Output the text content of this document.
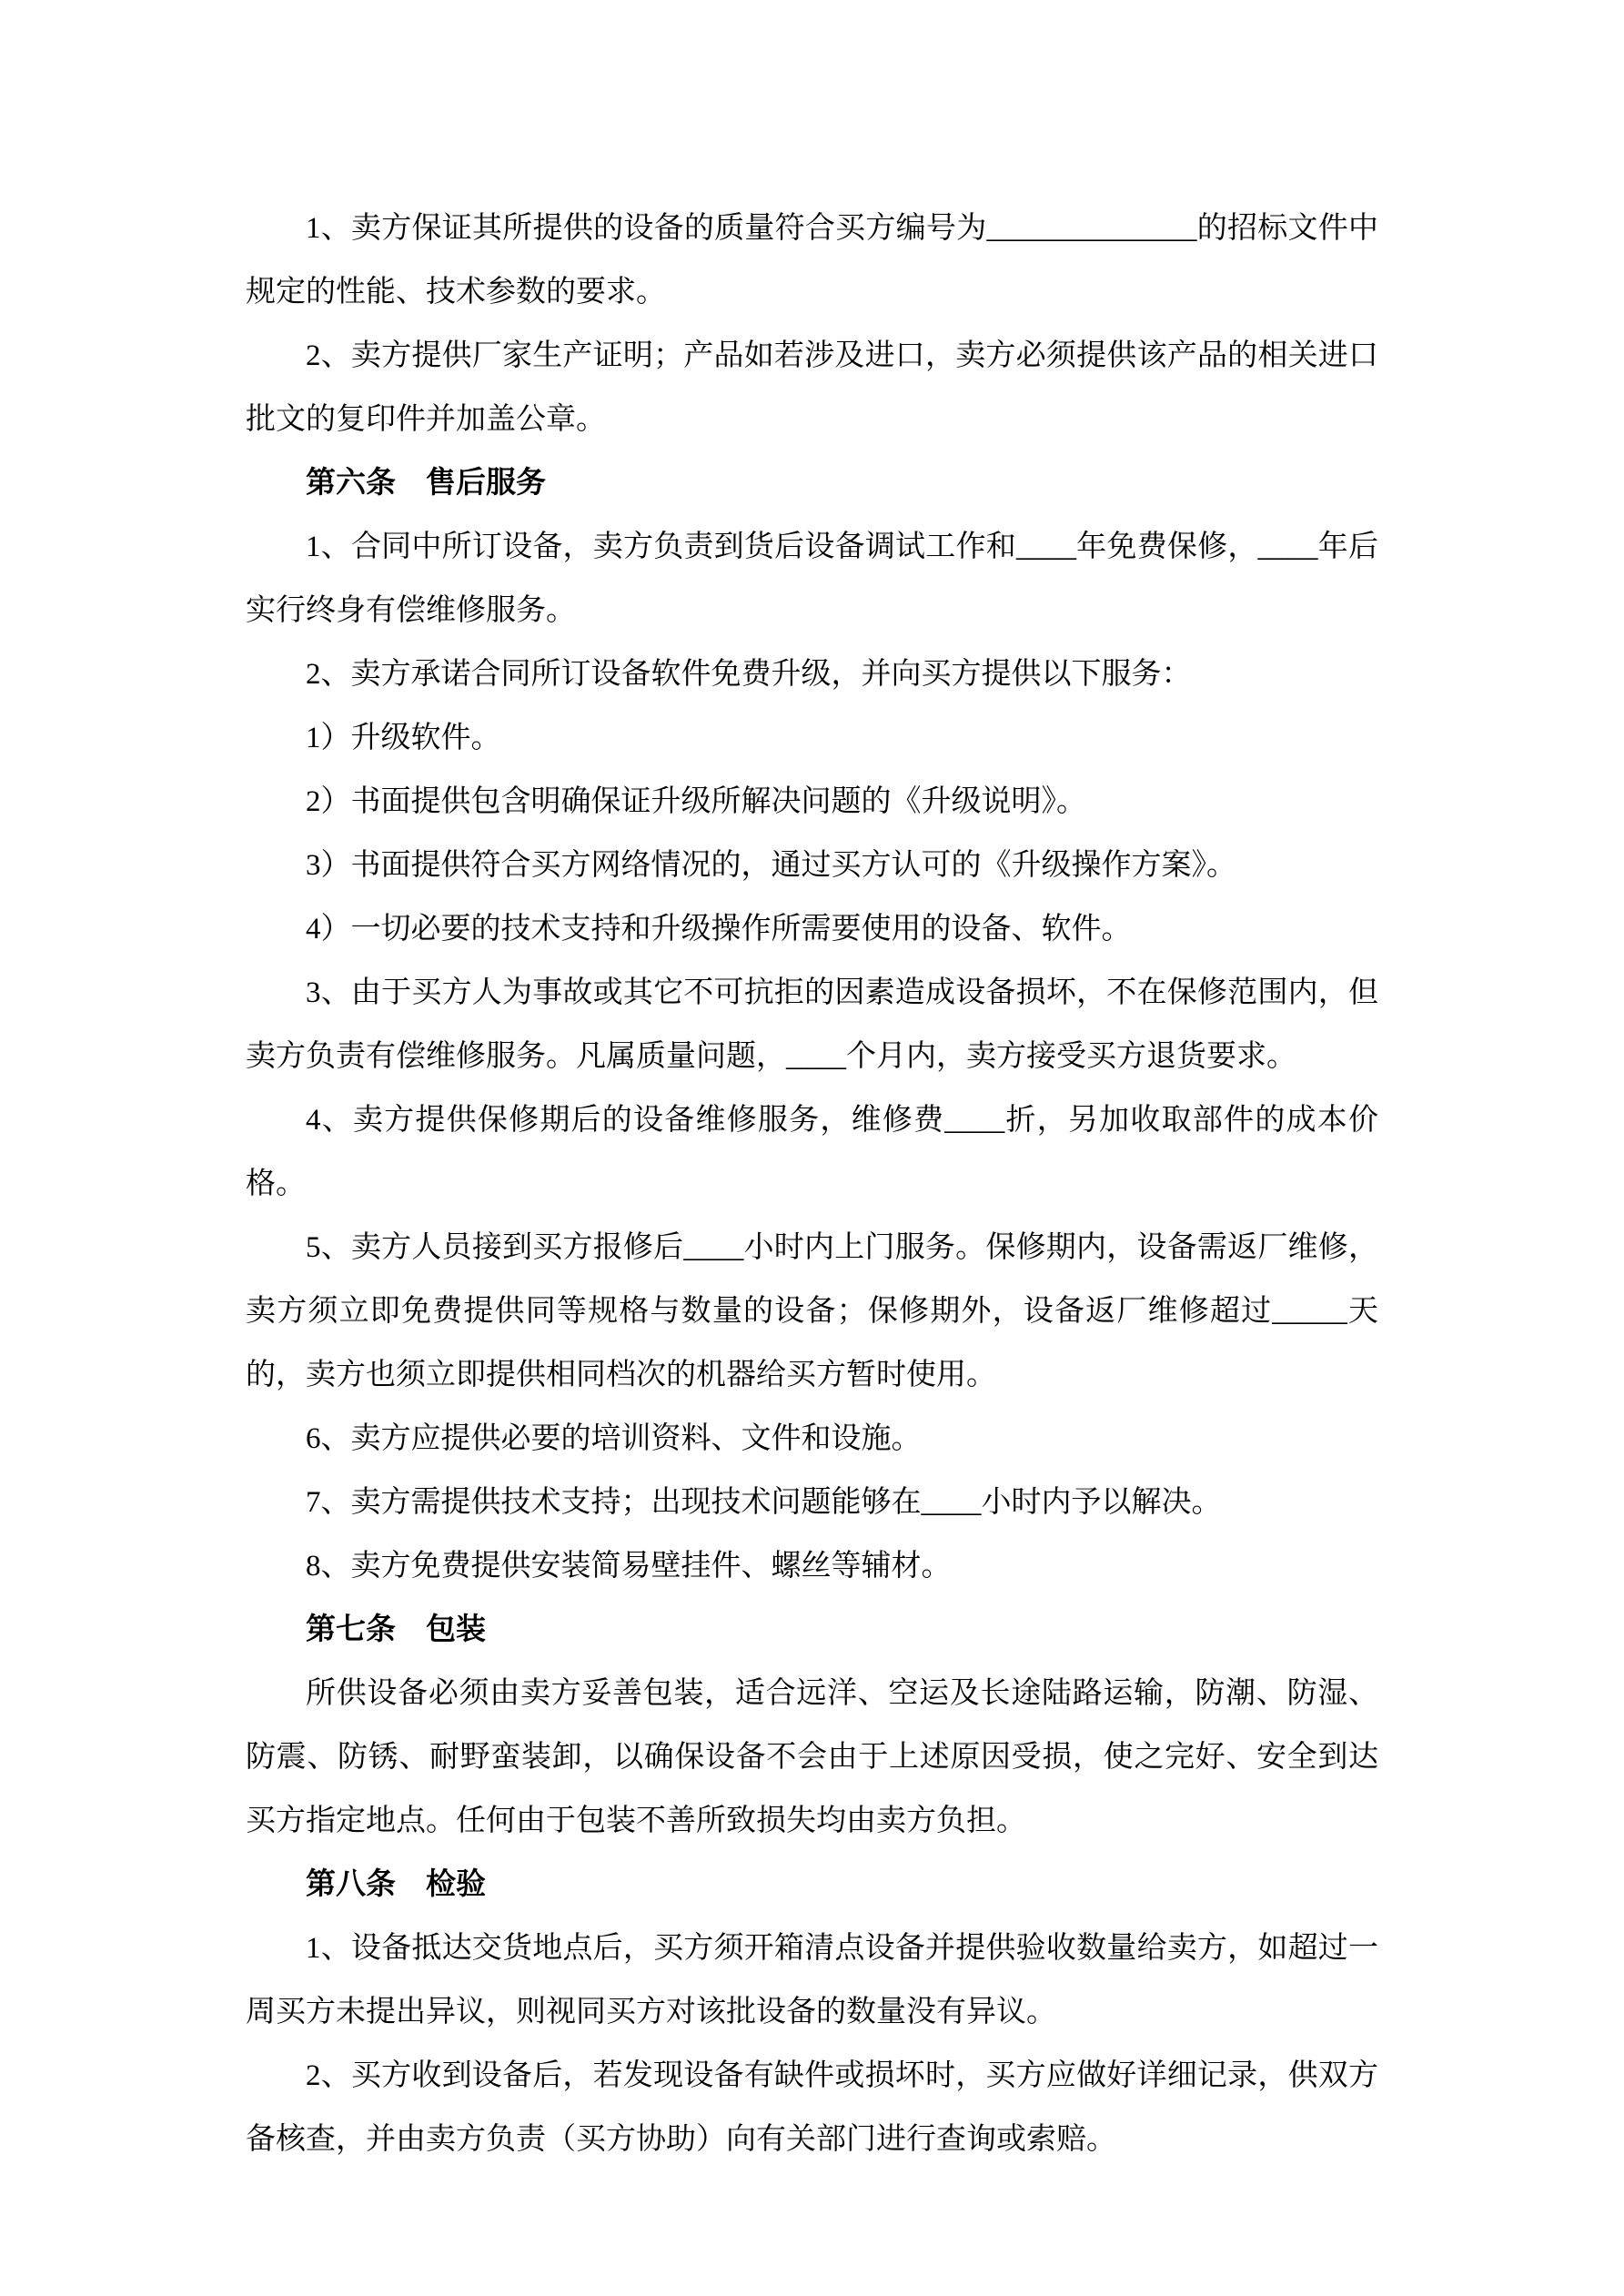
1、卖方保证其所提供的设备的质量符合买方编号为______________的招标文件中规定的性能、技术参数的要求。

2、卖方提供厂家生产证明；产品如若涉及进口，卖方必须提供该产品的相关进口批文的复印件并加盖公章。

第六条　 售后服务

1、合同中所订设备，卖方负责到货后设备调试工作和____年免费保修，____年后实行终身有偿维修服务。

2、卖方承诺合同所订设备软件免费升级，并向买方提供以下服务：

1）升级软件。

2）书面提供包含明确保证升级所解决问题的《升级说明》。

3）书面提供符合买方网络情况的，通过买方认可的《升级操作方案》。

4）一切必要的技术支持和升级操作所需要使用的设备、软件。

3、由于买方人为事故或其它不可抗拒的因素造成设备损坏，不在保修范围内，但卖方负责有偿维修服务。凡属质量问题，____个月内，卖方接受买方退货要求。

4、卖方提供保修期后的设备维修服务，维修费____折，另加收取部件的成本价格。

5、卖方人员接到买方报修后____小时内上门服务。保修期内，设备需返厂维修，卖方须立即免费提供同等规格与数量的设备；保修期外，设备返厂维修超过_____天的，卖方也须立即提供相同档次的机器给买方暂时使用。

6、卖方应提供必要的培训资料、文件和设施。

7、卖方需提供技术支持；出现技术问题能够在____小时内予以解决。

8、卖方免费提供安装简易壁挂件、螺丝等辅材。

第七条　 包装

所供设备必须由卖方妥善包装，适合远洋、空运及长途陆路运输，防潮、防湿、防震、防锈、耐野蛮装卸，以确保设备不会由于上述原因受损，使之完好、安全到达买方指定地点。任何由于包装不善所致损失均由卖方负担。

第八条　 检验

1、设备抵达交货地点后，买方须开箱清点设备并提供验收数量给卖方，如超过一周买方未提出异议，则视同买方对该批设备的数量没有异议。

2、买方收到设备后，若发现设备有缺件或损坏时，买方应做好详细记录，供双方备核查，并由卖方负责（买方协助）向有关部门进行查询或索赔。
